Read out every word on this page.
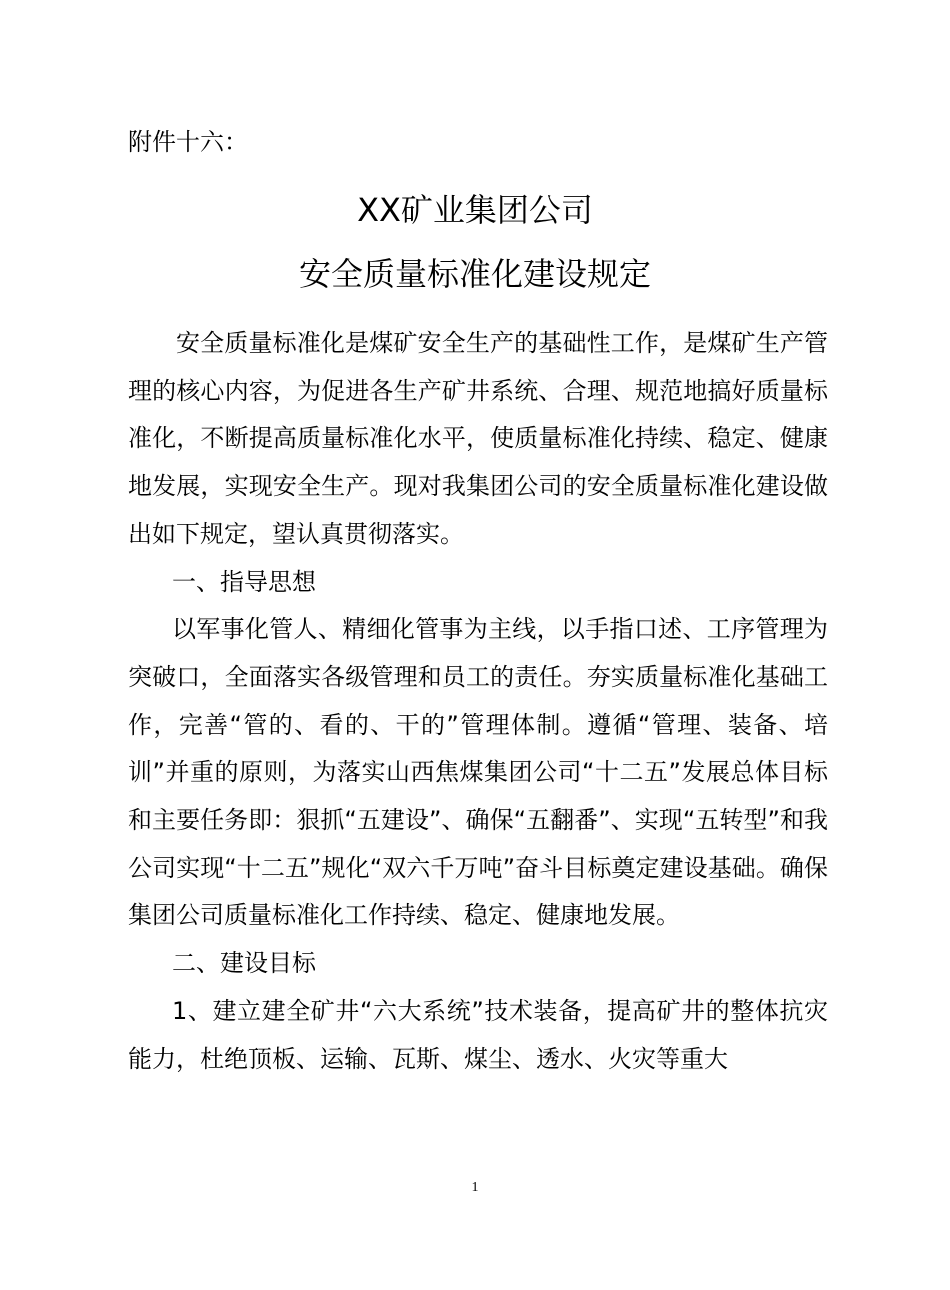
附件十六：
XX矿业集团公司
安全质量标准化建设规定

安全质量标准化是煤矿安全生产的基础性工作，是煤矿生产管理的核心内容，为促进各生产矿井系统、合理、规范地搞好质量标准化，不断提高质量标准化水平，使质量标准化持续、稳定、健康地发展，实现安全生产。现对我集团公司的安全质量标准化建设做出如下规定，望认真贯彻落实。

一、指导思想

以军事化管人、精细化管事为主线，以手指口述、工序管理为突破口，全面落实各级管理和员工的责任。夯实质量标准化基础工作，完善“管的、看的、干的”管理体制。遵循“管理、装备、培训”并重的原则，为落实山西焦煤集团公司“十二五”发展总体目标和主要任务即：狠抓“五建设”、确保“五翻番”、实现“五转型”和我公司实现“十二五”规化“双六千万吨”奋斗目标奠定建设基础。确保集团公司质量标准化工作持续、稳定、健康地发展。

二、建设目标

1、建立建全矿井“六大系统”技术装备，提高矿井的整体抗灾能力，杜绝顶板、运输、瓦斯、煤尘、透水、火灾等重大

1
